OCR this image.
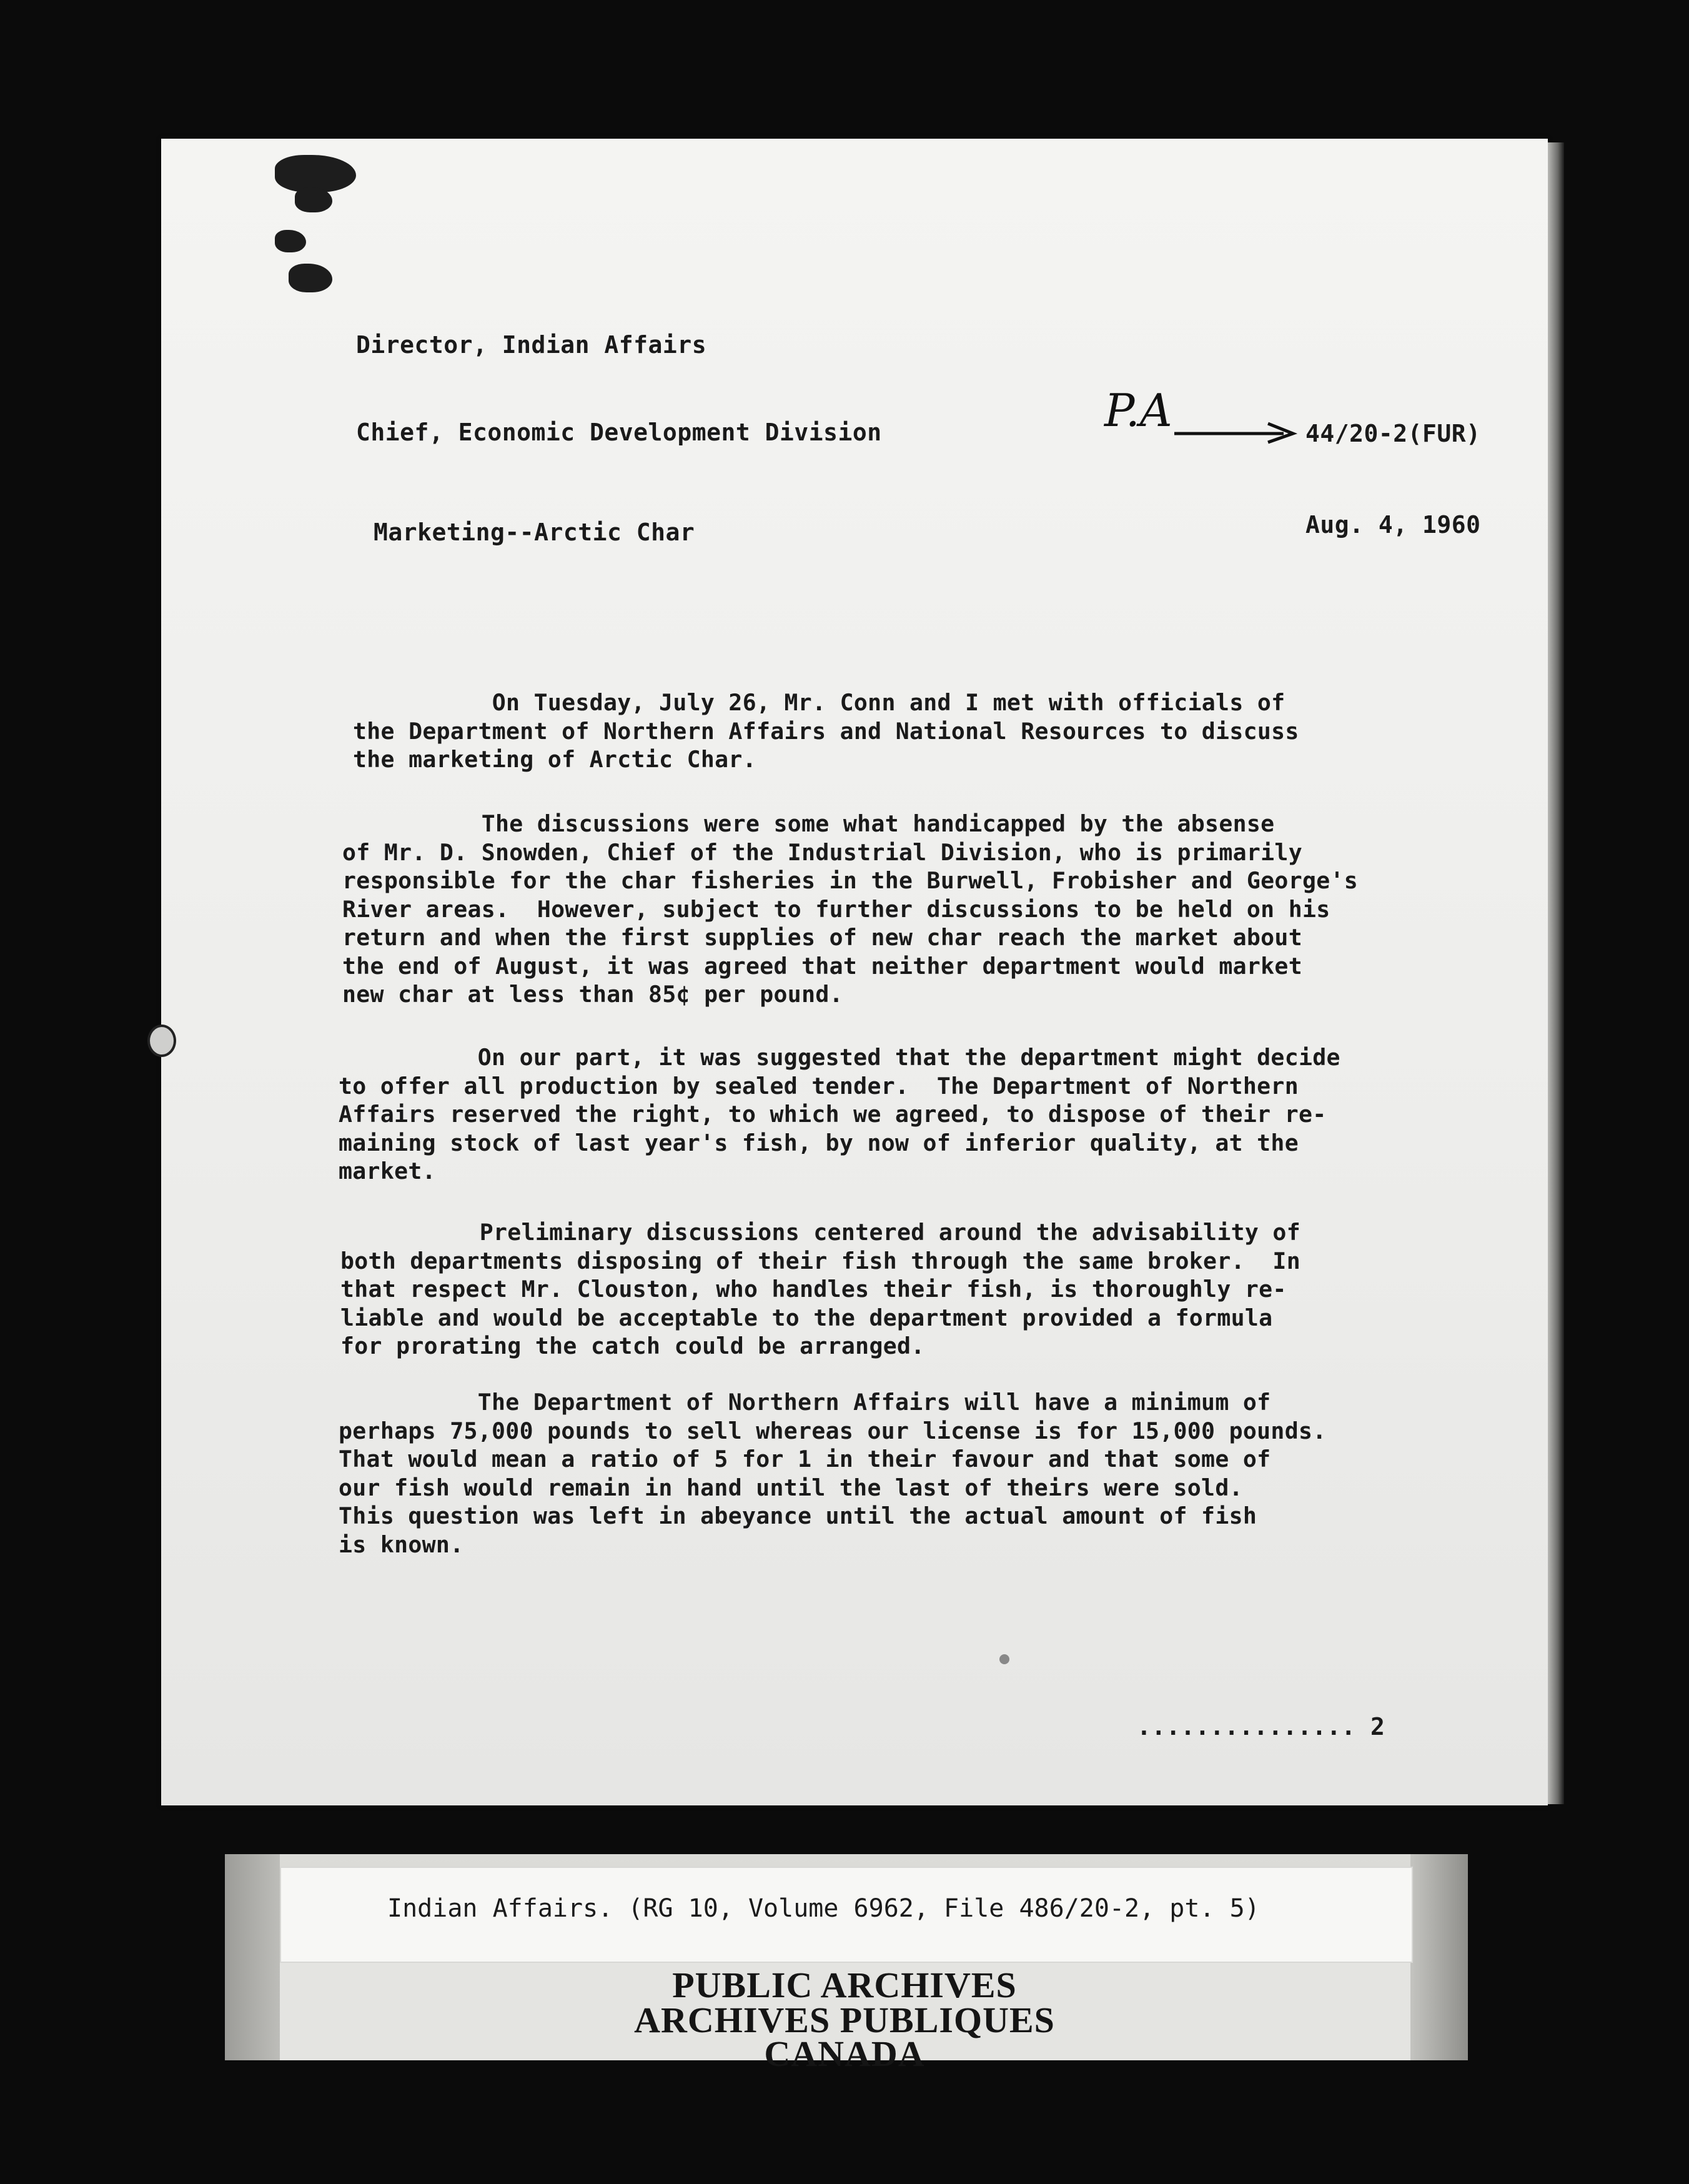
Director, Indian Affairs
Chief, Economic Development Division	P.A	44/20-2(FUR)
Marketing--Arctic Char	Aug. 4, 1960
On Tuesday, July 26, Mr. Conn and I met with officials of
the Department of Northern Affairs and National Resources to discuss
the marketing of Arctic Char.
The discussions were some what handicapped by the absense
of Mr. D. Snowden, Chief of the Industrial Division, who is primarily
responsible for the char fisheries in the Burwell, Frobisher and George's
River areas.  However, subject to further discussions to be held on his
return and when the first supplies of new char reach the market about
the end of August, it was agreed that neither department would market
new char at less than 85¢ per pound.
On our part, it was suggested that the department might decide
to offer all production by sealed tender.  The Department of Northern
Affairs reserved the right, to which we agreed, to dispose of their re-
maining stock of last year's fish, by now of inferior quality, at the
market.
Preliminary discussions centered around the advisability of
both departments disposing of their fish through the same broker.  In
that respect Mr. Clouston, who handles their fish, is thoroughly re-
liable and would be acceptable to the department provided a formula
for prorating the catch could be arranged.
The Department of Northern Affairs will have a minimum of
perhaps 75,000 pounds to sell whereas our license is for 15,000 pounds.
That would mean a ratio of 5 for 1 in their favour and that some of
our fish would remain in hand until the last of theirs were sold.
This question was left in abeyance until the actual amount of fish
is known.
............... 2
Indian Affairs. (RG 10, Volume 6962, File 486/20-2, pt. 5)
PUBLIC ARCHIVES
ARCHIVES PUBLIQUES
CANADA
